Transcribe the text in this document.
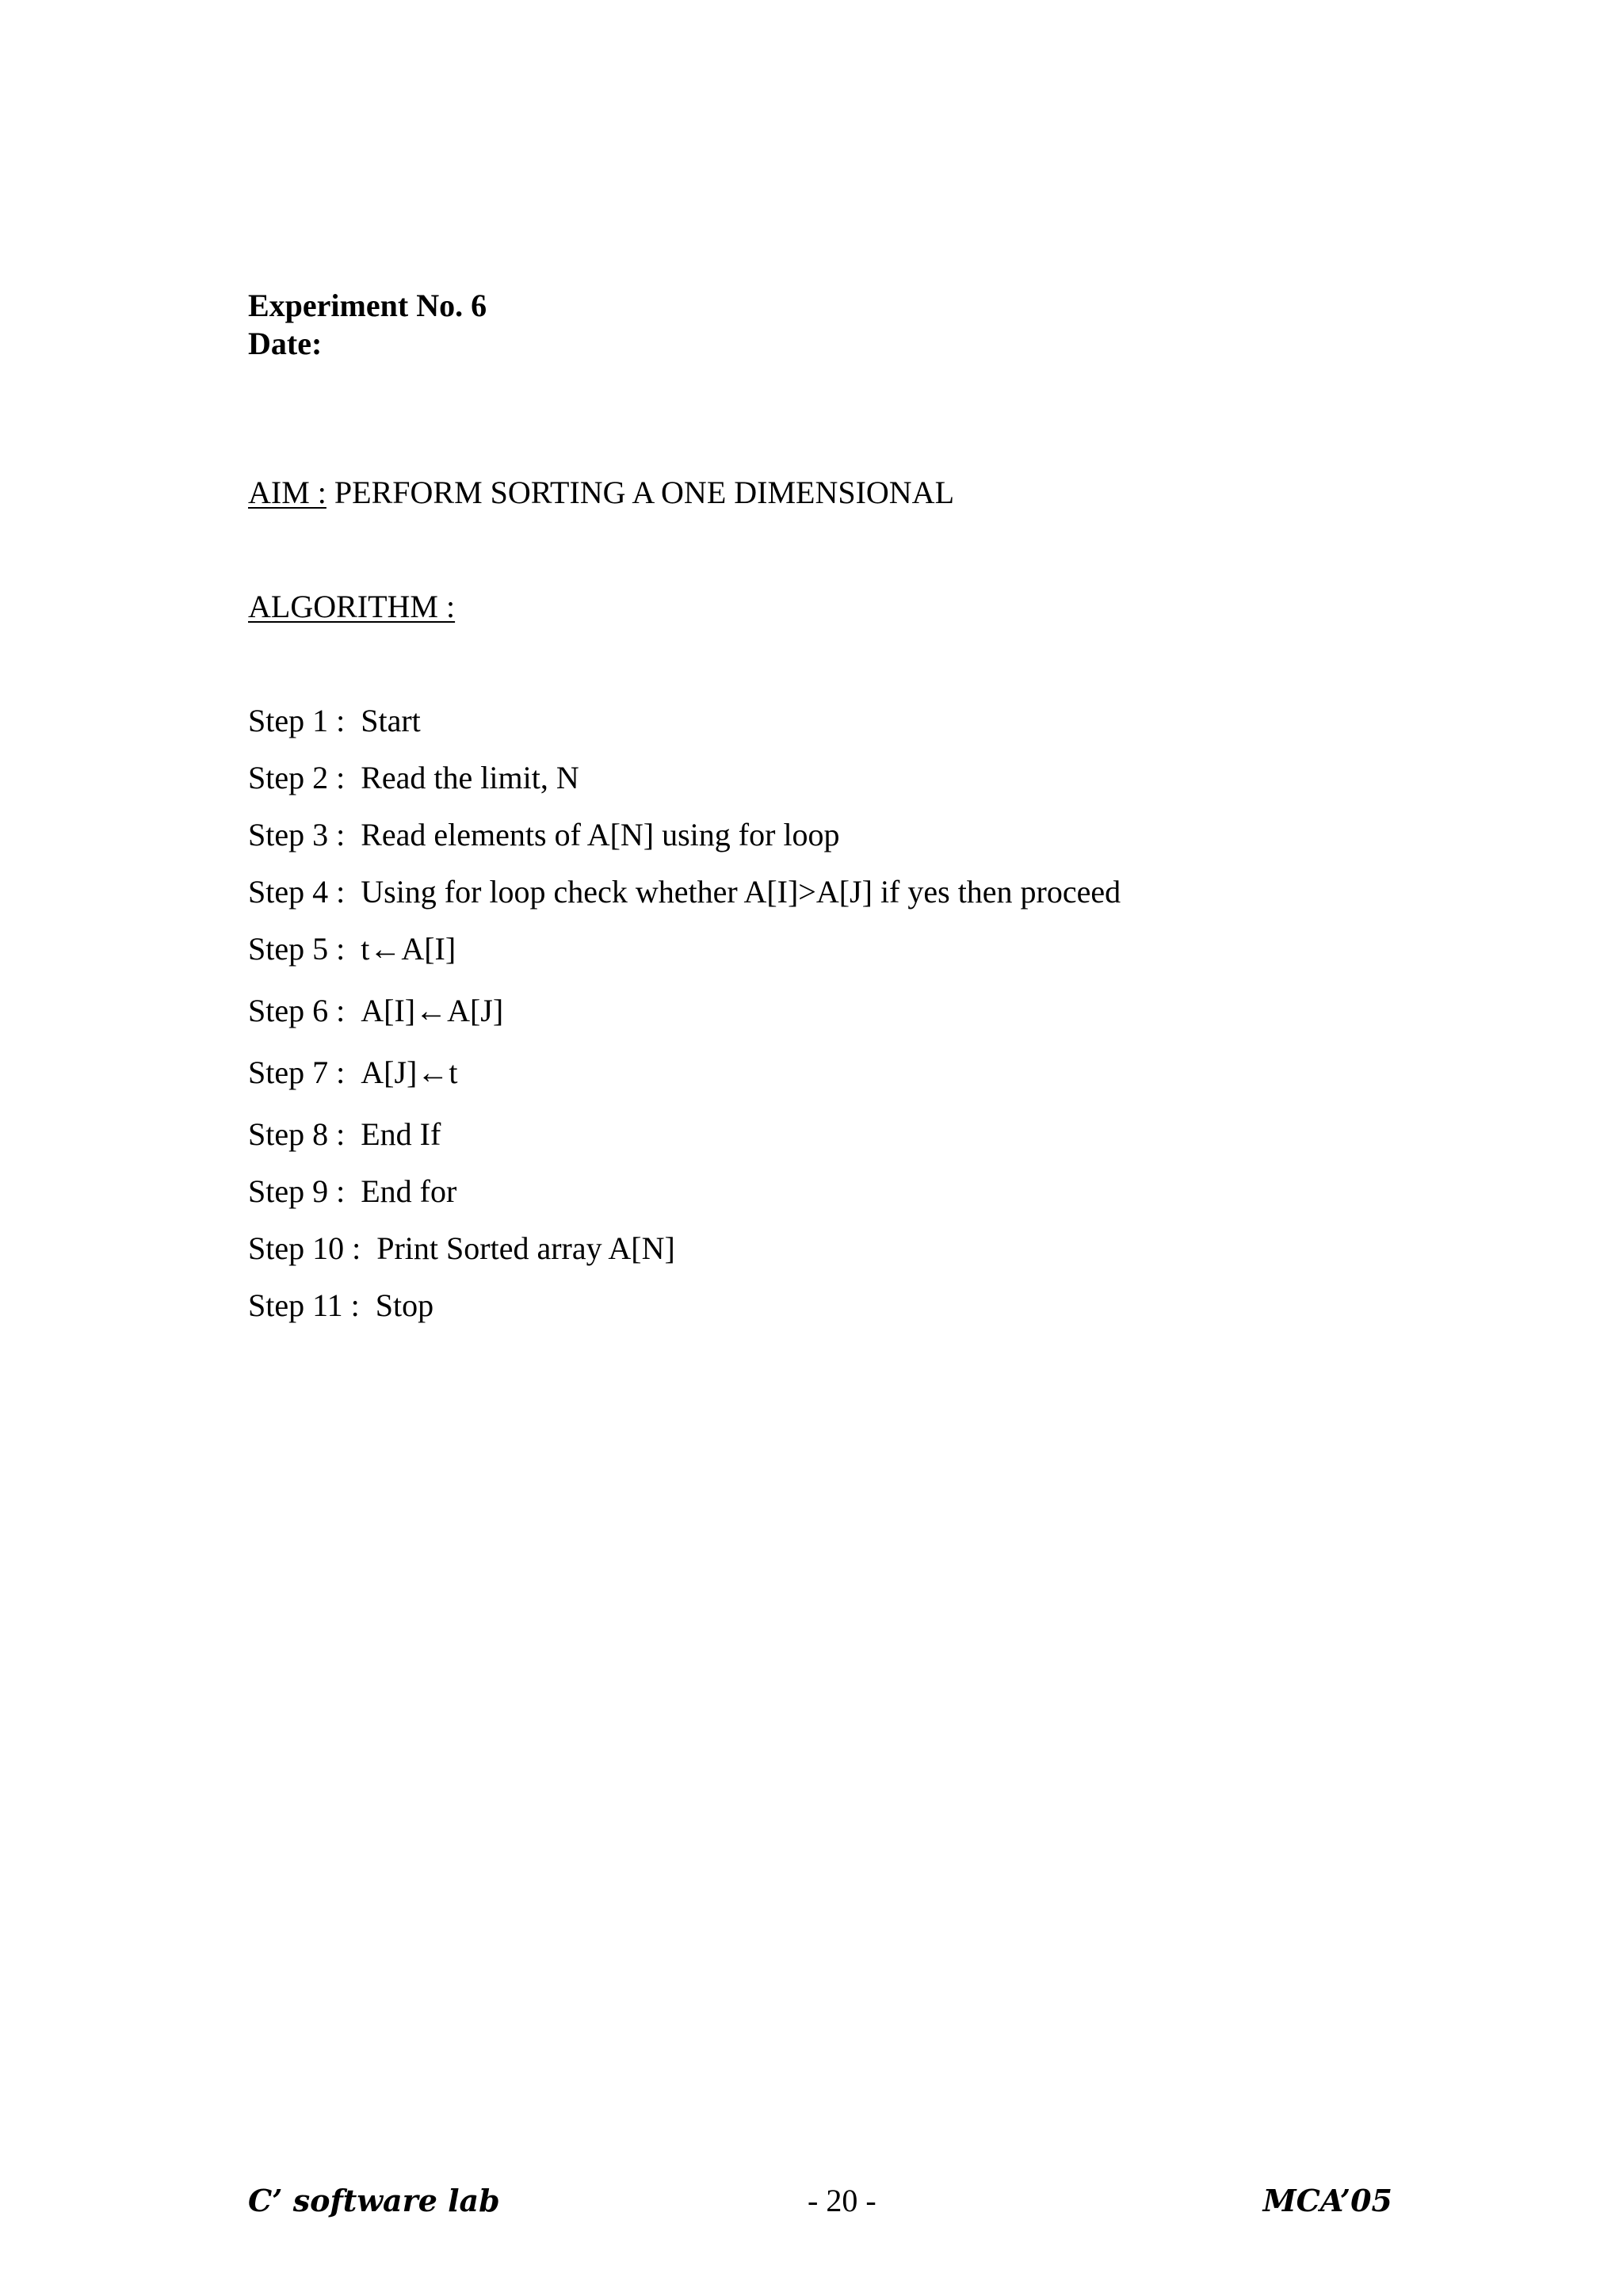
Experiment No. 6
Date:
AIM : PERFORM SORTING A ONE DIMENSIONAL
ALGORITHM :
Step 1 : Start
Step 2 : Read the limit, N
Step 3 : Read elements of A[N] using for loop
Step 4 : Using for loop check whether A[I]>A[J] if yes then proceed
Step 5 : t←A[I]
Step 6 : A[I]←A[J]
Step 7 : A[J]←t
Step 8 : End If
Step 9 : End for
Step 10 : Print Sorted array A[N]
Step 11 : Stop
C’ software lab	- 20 -	MCA’05
